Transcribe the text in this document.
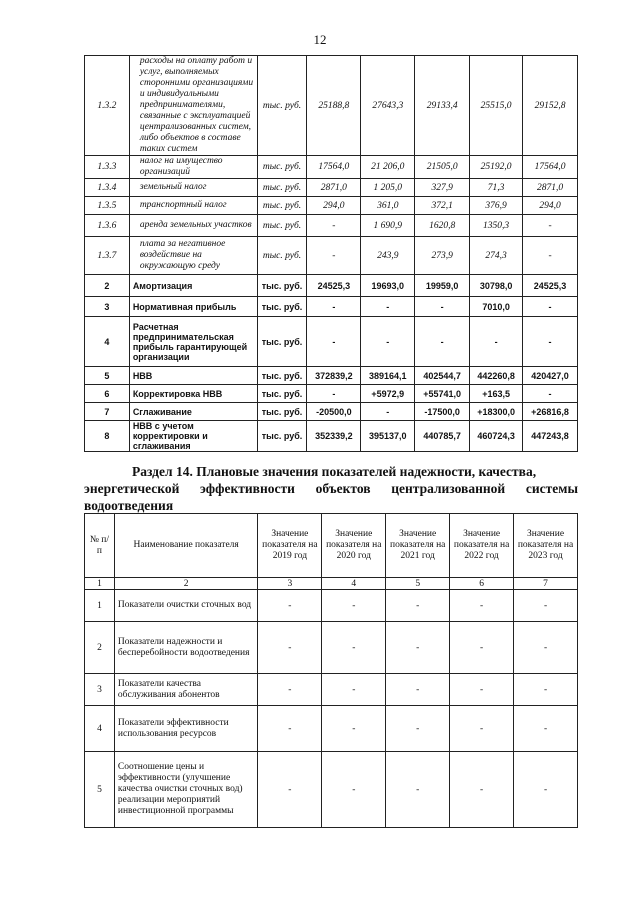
12
1.3.2	расходы на оплату работ и услуг, выполняемых сторонними организациями и индивидуальными предпринимателями, связанные с эксплуатацией централизованных систем, либо объектов в составе таких систем	тыс. руб.	25188,8	27643,3	29133,4	25515,0	29152,8
1.3.3	налог на имущество организаций	тыс. руб.	17564,0	21 206,0	21505,0	25192,0	17564,0
1.3.4	земельный налог	тыс. руб.	2871,0	1 205,0	327,9	71,3	2871,0
1.3.5	транспортный налог	тыс. руб.	294,0	361,0	372,1	376,9	294,0
1.3.6	аренда земельных участков	тыс. руб.	-	1 690,9	1620,8	1350,3	-
1.3.7	плата за негативное воздействие на окружающую среду	тыс. руб.	-	243,9	273,9	274,3	-
2	Амортизация	тыс. руб.	24525,3	19693,0	19959,0	30798,0	24525,3
3	Нормативная прибыль	тыс. руб.	-	-	-	7010,0	-
4	Расчетная предпринимательская прибыль гарантирующей организации	тыс. руб.	-	-	-	-	-
5	НВВ	тыс. руб.	372839,2	389164,1	402544,7	442260,8	420427,0
6	Корректировка НВВ	тыс. руб.	-	+5972,9	+55741,0	+163,5	-
7	Сглаживание	тыс. руб.	-20500,0	-	-17500,0	+18300,0	+26816,8
8	НВВ с учетом корректировки и сглаживания	тыс. руб.	352339,2	395137,0	440785,7	460724,3	447243,8
Раздел 14. Плановые значения показателей надежности, качества,
энергетической эффективности объектов централизованной системы
водоотведения
№ п/п	Наименование показателя	Значение показателя на 2019 год	Значение показателя на 2020 год	Значение показателя на 2021 год	Значение показателя на 2022 год	Значение показателя на 2023 год
1	2	3	4	5	6	7
1	Показатели очистки сточных вод	-	-	-	-	-
2	Показатели надежности и бесперебойности водоотведения	-	-	-	-	-
3	Показатели качества обслуживания абонентов	-	-	-	-	-
4	Показатели эффективности использования ресурсов	-	-	-	-	-
5	Соотношение цены и эффективности (улучшение качества очистки сточных вод) реализации мероприятий инвестиционной программы	-	-	-	-	-
